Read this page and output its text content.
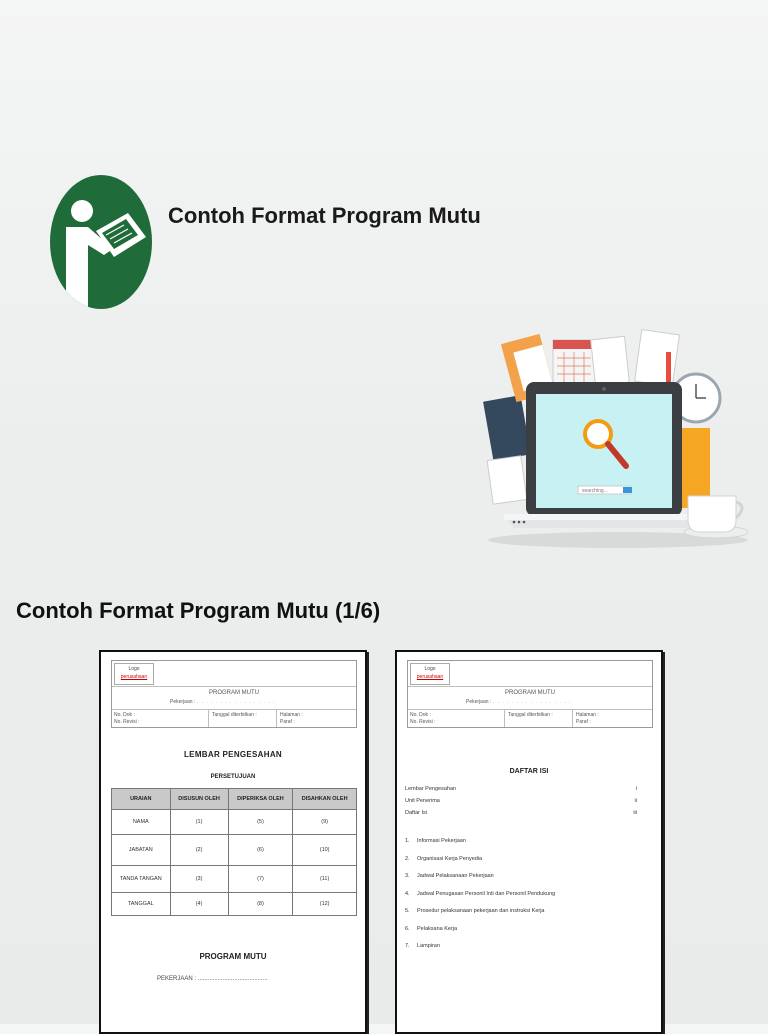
Contoh Format Program Mutu
searching...
Contoh Format Program Mutu (1/6)
Logo
perusahaan
PROGRAM MUTU
Pekerjaan : . . . . . . . . . . . . . . . . .
No. Dok :
No. Revisi :
Tanggal diterbitkan :	Halaman :
Paraf :
LEMBAR PENGESAHAN
PERSETUJUAN
URAIAN	DISUSUN OLEH	DIPERIKSA OLEH	DISAHKAN OLEH
NAMA	(1)	(5)	(9)
JABATAN	(2)	(6)	(10)
TANDA TANGAN	(3)	(7)	(11)
TANGGAL	(4)	(8)	(12)
PROGRAM MUTU
PEKERJAAN : ..........................................
Logo
perusahaan
PROGRAM MUTU
Pekerjaan : . . . . . . . . . . . . . . . . .
No. Dok :
No. Revisi :
Tanggal diterbitkan :	Halaman :
Paraf :
DAFTAR ISI
Lembar Pengesahan	i
Unit Penerima	ii
Daftar Isi	iii
1. Informasi Pekerjaan
2. Organisasi Kerja Penyedia
3. Jadwal Pelaksanaan Pekerjaan
4. Jadwal Penugasan Personil Inti dan Personil Pendukung
5. Prosedur pelaksanaan pekerjaan dan instruksi Kerja
6. Pelaksana Kerja
7. Lampiran
